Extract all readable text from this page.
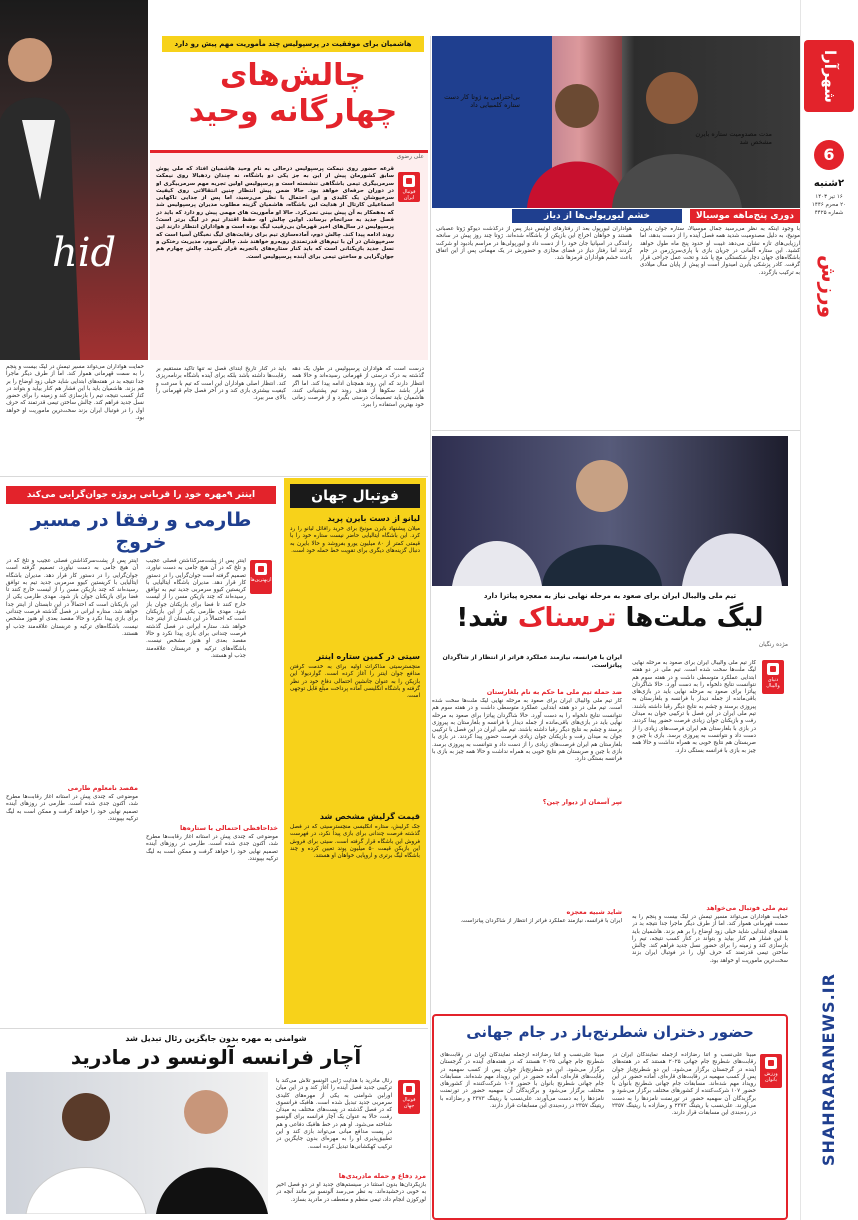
شهرآرا
6
۲شنبه
۱۶ تیر ۱۴۰۳
۲۰ محرم ۱۴۴۶
شماره ۴۴۲۵
ورزش
SHAHRARANEWS.IR
مدت مصدومیت ستاره بایرن مشخص شد
بی‌احترامی به ژوتا کار دست ستاره کلمبیایی داد
دوری پنج‌ماهه موسیالا
خشم لیورپولی‌ها از دیاز
با وجود اینکه به نظر می‌رسید جمال موسیالا، ستاره جوان بایرن مونیخ، به دلیل مصدومیت شدید همه فصل آینده را از دست بدهد، اما ارزیابی‌های تازه نشان می‌دهد غیبت او حدود پنج ماه طول خواهد کشید. این ستاره آلمانی در جریان بازی با پاری‌سن‌ژرمن در جام باشگاه‌های جهان دچار شکستگی مچ پا شد و تحت عمل جراحی قرار گرفت. کادر پزشکی بایرن امیدوار است او پیش از پایان سال میلادی به ترکیب بازگردد.
هواداران لیورپول بعد از رفتارهای لوئیس دیاز پس از درگذشت دیوگو ژوتا عصبانی هستند و خواهان اخراج این بازیکن از باشگاه شده‌اند. ژوتا چند روز پیش در سانحه رانندگی در اسپانیا جان خود را از دست داد و لیورپولی‌ها در مراسم یادبود او شرکت کردند اما رفتار دیاز در فضای مجازی و حضورش در یک مهمانی پس از این اتفاق باعث خشم هواداران قرمزها شد.
هاشمیان برای موفقیت در پرسپولیس چند مأموریت مهم پیش رو دارد
چالش‌های چهارگانه وحید
علی رضوی
فوتبال ایران
قرعه حضور روی نیمکت پرسپولیس درحالی به نام وحید هاشمیان افتاد که ملی پوش سابق کشورمان پیش از این به جز یکی دو باشگاه، نه چندان ردهبالا روی نیمکت سرمربیگری تیمی باشگاهی ننشسته است و پرسپولیس اولین تجربه مهم سرمربیگری او در دوران حرفه‌ای خواهد بود. حالا ضمن پیش انتظار چنین انتقالاتی روی کیفیت سرخپوشان یک کلیدی و این احتمال با نظر می‌رسید، اما پس از جدایی تاکهایی اسماعیلی کارتال از هدایت این باشگاه، هاشمیان گزینه مطلوب مدیران پرسپولیس شد که به‌همکار به آن پیش بینی نمی‌کرد. حالا او مأموریت های مهمی پیش رو دارد که باید در فصل جدید به سرانجام برساند. اولین چالش او، حفظ اقتدار تیم در لیگ برتر است؛ پرسپولیس در سال‌های اخیر قهرمان بی‌رقیب لیگ بوده است و هواداران انتظار دارند این روند ادامه پیدا کند. چالش دوم، آماده‌سازی تیم برای رقابت‌های لیگ نخبگان آسیا است که سرخپوشان در آن با تیم‌های قدرتمندی روبه‌رو خواهند شد. چالش سوم، مدیریت رختکن و نسل جدید بازیکنانی است که باید کنار ستاره‌های باتجربه قرار بگیرند. چالش چهارم هم جوان‌گرایی و ساختن تیمی برای آینده پرسپولیس است.
درست است که هواداران پرسپولیس در طول یک دهه گذشته به درک درستی از قهرمانی رسیده‌اند و حالا همه انتظار دارند که این روند همچنان ادامه پیدا کند. اما اگر قرار باشد سکوها از هدف روند تیم پشتیبانی کنند، هاشمیان باید تصمیمات درستی بگیرد و از فرصت زمانی خود بهترین استفاده را ببرد.
باید در کنار تاریخ ابتدای فصل نه تنها تاکید مستقیم بر رقابت‌ها داشته باشد بلکه برای آینده باشگاه برنامه‌ریزی کند. انتظار اصلی هواداران این است که تیم با سرعت و کیفیت بیشتری بازی کند و در آخر فصل جام قهرمانی را بالای سر ببرد.
hid
حمایت هواداران می‌تواند مسیر تیمش در لیگ بیست و پنجم را به سمت قهرمانی هموار کند. اما از طرف دیگر ماجرا جدا نتیجه بد در هفته‌های ابتدایی شاید خیلی زود اوضاع را بر هم بزند. هاشمیان باید با این فشار هم کنار بیاید و بتواند در کنار کسب نتیجه، تیم را بازسازی کند و زمینه را برای حضور نسل جدید فراهم کند. چالش ساختن تیمی قدرتمند که حرف اول را در فوتبال ایران بزند سخت‌ترین ماموریت او خواهد بود.
تیم ملی والیبال ایران برای صعود به مرحله نهایی نیاز به معجزه پیاتزا دارد
لیگ ملت‌ها ترسناک شد!
مژده رنگیان
دنیای والیبال
ایران با فرانسه، نیازمند عملکرد فراتر از انتظار از شاگردان پیاتزاست. کار تیم ملی والیبال ایران برای صعود به مرحله نهایی لیگ ملت‌ها سخت شده است. تیم ملی در دو هفته ابتدایی عملکرد متوسطی داشت و در هفته سوم هم نتوانست نتایج دلخواه را به دست آورد. حالا شاگردان پیاتزا برای صعود به مرحله نهایی باید در بازی‌های باقی‌مانده از جمله دیدار با فرانسه و بلغارستان به پیروزی برسند و چشم به نتایج دیگر رقبا داشته باشند. تیم ملی ایران در این فصل با ترکیبی جوان به میدان رفت و بازیکنان جوان زیادی فرصت حضور پیدا کردند. در بازی با بلغارستان هم ایران فرصت‌های زیادی را از دست داد و نتوانست به پیروزی برسد. بازی با چین و صربستان هم نتایج خوبی به همراه نداشت و حالا همه چیز به بازی با فرانسه بستگی دارد.
ضد حمله تیم ملی ما حکم به نام بلغارستان
کار تیم ملی والیبال ایران برای صعود به مرحله نهایی لیگ ملت‌ها سخت شده است. تیم ملی در دو هفته ابتدایی عملکرد متوسطی داشت و در هفته سوم هم نتوانست نتایج دلخواه را به دست آورد. حالا شاگردان پیاتزا برای صعود به مرحله نهایی باید در بازی‌های باقی‌مانده از جمله دیدار با فرانسه و بلغارستان به پیروزی برسند و چشم به نتایج دیگر رقبا داشته باشند. تیم ملی ایران در این فصل با ترکیبی جوان به میدان رفت و بازیکنان جوان زیادی فرصت حضور پیدا کردند. در بازی با بلغارستان هم ایران فرصت‌های زیادی را از دست داد و نتوانست به پیروزی برسد. بازی با چین و صربستان هم نتایج خوبی به همراه نداشت و حالا همه چیز به بازی با فرانسه بستگی دارد.
سِر آسمان از دیوار چین؟
شاید شبیه معجزه
ایران با فرانسه، نیازمند عملکرد فراتر از انتظار از شاگردان پیاتزاست.
تیم ملی فوتبال می‌خواهد
حمایت هواداران می‌تواند مسیر تیمش در لیگ بیست و پنجم را به سمت قهرمانی هموار کند. اما از طرف دیگر ماجرا جدا نتیجه بد در هفته‌های ابتدایی شاید خیلی زود اوضاع را بر هم بزند. هاشمیان باید با این فشار هم کنار بیاید و بتواند در کنار کسب نتیجه، تیم را بازسازی کند و زمینه را برای حضور نسل جدید فراهم کند. چالش ساختن تیمی قدرتمند که حرف اول را در فوتبال ایران بزند سخت‌ترین ماموریت او خواهد بود.
فوتبال جهان
لیانو از دست بایرن پرید
میلان پیشنهاد بایرن مونیخ برای خرید رافائل لیانو را رد کرد. این باشگاه ایتالیایی حاضر نیست ستاره خود را با قیمتی کمتر از ۸۰ میلیون یورو بفروشد و حالا بایرن به دنبال گزینه‌های دیگری برای تقویت خط حمله خود است.
سیتی در کمین ستاره اینتر
منچسترسیتی مذاکرات اولیه برای به خدمت گرفتن مدافع جوان اینتر را آغاز کرده است. گواردیولا این بازیکن را به عنوان جانشین احتمالی دفاع خود در نظر گرفته و باشگاه انگلیسی آماده پرداخت مبلغ قابل توجهی است.
قیمت گرلیش مشخص شد
جک گرلیش، ستاره انگلیسی منچسترسیتی که در فصل گذشته فرصت چندانی برای بازی پیدا نکرد، در فهرست فروش این باشگاه قرار گرفته است. سیتی برای فروش این بازیکن قیمت ۵۰ میلیون پوند تعیین کرده و چند باشگاه لیگ برتری و اروپایی خواهان او هستند.
اینتر ۹مهره خود را قربانی پروژه جوان‌گرایی می‌کند
طارمی و رفقا در مسیر خروج
ازبهترین‌ها
اینتر پس از پشت‌سرگذاشتن فصلی عجیب و تلخ که در آن هیچ جامی به دست نیاورد، تصمیم گرفته است جوان‌گرایی را در دستور کار قرار دهد. مدیران باشگاه ایتالیایی با کریستین کیوو سرمربی جدید تیم به توافق رسیده‌اند که چند بازیکن مسن را از لیست خارج کنند تا فضا برای بازیکنان جوان باز شود. مهدی طارمی یکی از این بازیکنان است که احتمالاً در این تابستان از اینتر جدا خواهد شد. ستاره ایرانی در فصل گذشته فرصت چندانی برای بازی پیدا نکرد و حالا مقصد بعدی او هنوز مشخص نیست. باشگاه‌های ترکیه و عربستان علاقه‌مند جذب او هستند.
اینتر پس از پشت‌سرگذاشتن فصلی عجیب و تلخ که در آن هیچ جامی به دست نیاورد، تصمیم گرفته است جوان‌گرایی را در دستور کار قرار دهد. مدیران باشگاه ایتالیایی با کریستین کیوو سرمربی جدید تیم به توافق رسیده‌اند که چند بازیکن مسن را از لیست خارج کنند تا فضا برای بازیکنان جوان باز شود. مهدی طارمی یکی از این بازیکنان است که احتمالاً در این تابستان از اینتر جدا خواهد شد. ستاره ایرانی در فصل گذشته فرصت چندانی برای بازی پیدا نکرد و حالا مقصد بعدی او هنوز مشخص نیست. باشگاه‌های ترکیه و عربستان علاقه‌مند جذب او هستند.
مقصد نامعلوم طارمی
موضوعی که چندی‌ پیش در آستانه آغاز رقابت‌ها مطرح شد، اکنون جدی شده است. طارمی در روزهای آینده تصمیم نهایی خود را خواهد گرفت و ممکن است به لیگ ترکیه بپیوندد.
خداحافظی احتمالی با ستاره‌ها
موضوعی که چندی‌ پیش در آستانه آغاز رقابت‌ها مطرح شد، اکنون جدی شده است. طارمی در روزهای آینده تصمیم نهایی خود را خواهد گرفت و ممکن است به لیگ ترکیه بپیوندد.
شوامنی به مهره بدون جایگزین رئال تبدیل شد
آچار فرانسه آلونسو در مادرید
فوتبال جهان
رئال مادرید با هدایت ژابی آلونسو تلاش می‌کند با ترکیبی جدید فصل آینده را آغاز کند و در این میان اورلین شوامنی به یکی از مهره‌های کلیدی سرمربی جدید تبدیل شده است. هافبک فرانسوی که در فصل گذشته در پست‌های مختلف به میدان رفت، حالا به عنوان یک آچار فرانسه برای آلونسو شناخته می‌شود. او هم در خط هافبک دفاعی و هم در پست مدافع میانی می‌تواند بازی کند و این تطبیق‌پذیری او را به مهره‌ای بدون جایگزین در ترکیب کهکشانی‌ها تبدیل کرده است.
مرد دفاع و حمله مادریدی‌ها
بازیگردان‌ها بدون استثنا در سیستم‌های جدید او در دو فصل اخیر به خوبی درخشیده‌اند. به نظر می‌رسد آلونسو نیز مانند آنچه در لورکوزن انجام داد، تیمی منظم و منعطف در مادرید بسازد.
حضور دختران شطرنج‌باز در جام جهانی
ورزش بانوان
مبینا علی‌نسب و آتنا رضازاده ازجمله نمایندگان ایران در رقابت‌های شطرنج جام جهانی ۲۰۲۵ هستند که در هفته‌های آینده در گرجستان برگزار می‌شود. این دو شطرنج‌باز جوان پس از کسب سهمیه در رقابت‌های قاره‌ای، آماده حضور در این رویداد مهم شده‌اند. مسابقات جام جهانی شطرنج بانوان با حضور ۱۰۷ شرکت‌کننده از کشورهای مختلف برگزار می‌شود و برگزیدگان آن سهمیه حضور در تورنمنت نامزدها را به دست می‌آورند. علی‌نسب با ریتینگ ۲۳۷۳ و رضازاده با ریتینگ ۲۳۵۷ در رده‌بندی این مسابقات قرار دارند.
مبینا علی‌نسب و آتنا رضازاده ازجمله نمایندگان ایران در رقابت‌های شطرنج جام جهانی ۲۰۲۵ هستند که در هفته‌های آینده در گرجستان برگزار می‌شود. این دو شطرنج‌باز جوان پس از کسب سهمیه در رقابت‌های قاره‌ای، آماده حضور در این رویداد مهم شده‌اند. مسابقات جام جهانی شطرنج بانوان با حضور ۱۰۷ شرکت‌کننده از کشورهای مختلف برگزار می‌شود و برگزیدگان آن سهمیه حضور در تورنمنت نامزدها را به دست می‌آورند. علی‌نسب با ریتینگ ۲۳۷۳ و رضازاده با ریتینگ ۲۳۵۷ در رده‌بندی این مسابقات قرار دارند.
